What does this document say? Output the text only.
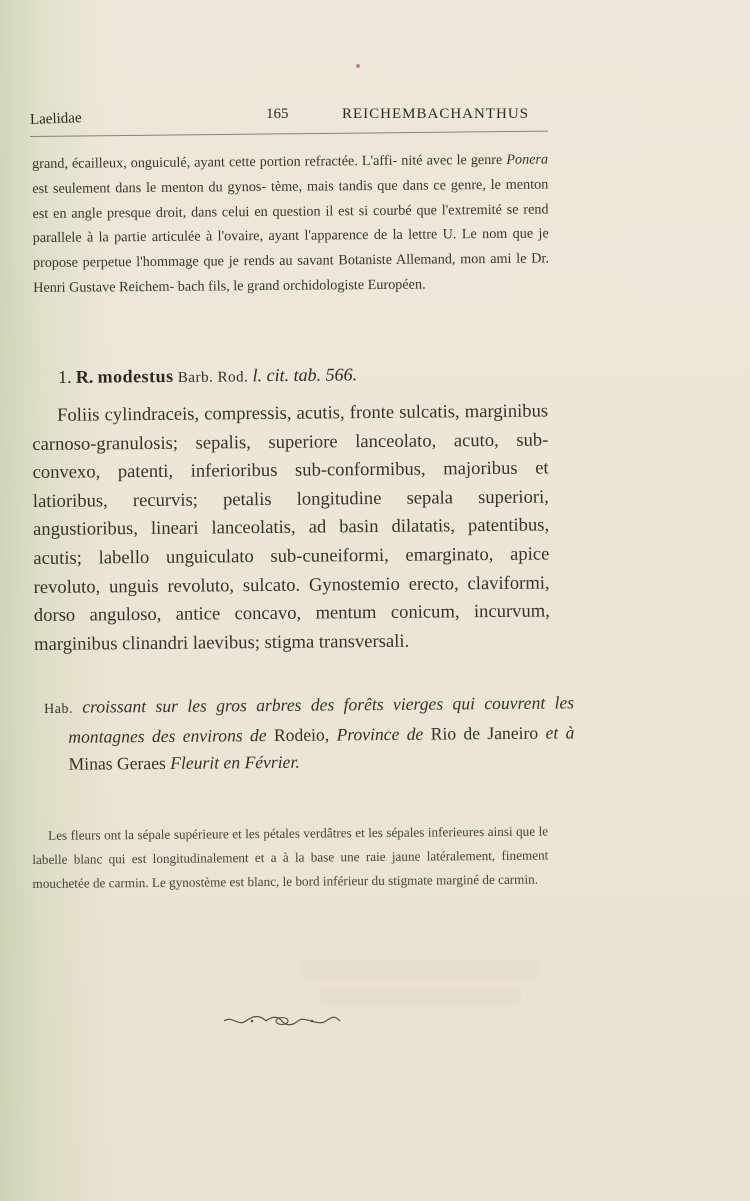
Laelidae	165	REICHEMBACHANTHUS
grand, écailleux, onguiculé, ayant cette portion refractée. L'affi- nité avec le genre Ponera est seulement dans le menton du gynos- tème, mais tandis que dans ce genre, le menton est en angle presque droit, dans celui en question il est si courbé que l'extremité se rend parallele à la partie articulée à l'ovaire, ayant l'apparence de la lettre U. Le nom que je propose perpetue l'hommage que je rends au savant Botaniste Allemand, mon ami le Dr. Henri Gustave Reichem- bach fils, le grand orchidologiste Européen.
1. R. modestus Barb. Rod. l. cit. tab. 566.
Foliis cylindraceis, compressis, acutis, fronte sulcatis, marginibus carnoso-granulosis; sepalis, superiore lanceolato, acuto, sub-convexo, patenti, inferioribus sub-conformibus, majoribus et latioribus, recurvis; petalis longitudine sepala superiori, angustioribus, lineari lanceolatis, ad basin dilatatis, patentibus, acutis; labello unguiculato sub-cuneiformi, emarginato, apice revoluto, unguis revoluto, sulcato. Gynostemio erecto, claviformi, dorso anguloso, antice concavo, mentum conicum, incurvum, marginibus clinandri laevibus; stigma transversali.
Hab. croissant sur les gros arbres des forêts vierges qui couvrent les montagnes des environs de Rodeio, Province de Rio de Janeiro et à Minas Geraes Fleurit en Février.
Les fleurs ont la sépale supérieure et les pétales verdâtres et les sépales inferieures ainsi que le labelle blanc qui est longitudinalement et a à la base une raie jaune latéralement, finement mouchetée de carmin. Le gynostème est blanc, le bord inférieur du stigmate marginé de carmin.
